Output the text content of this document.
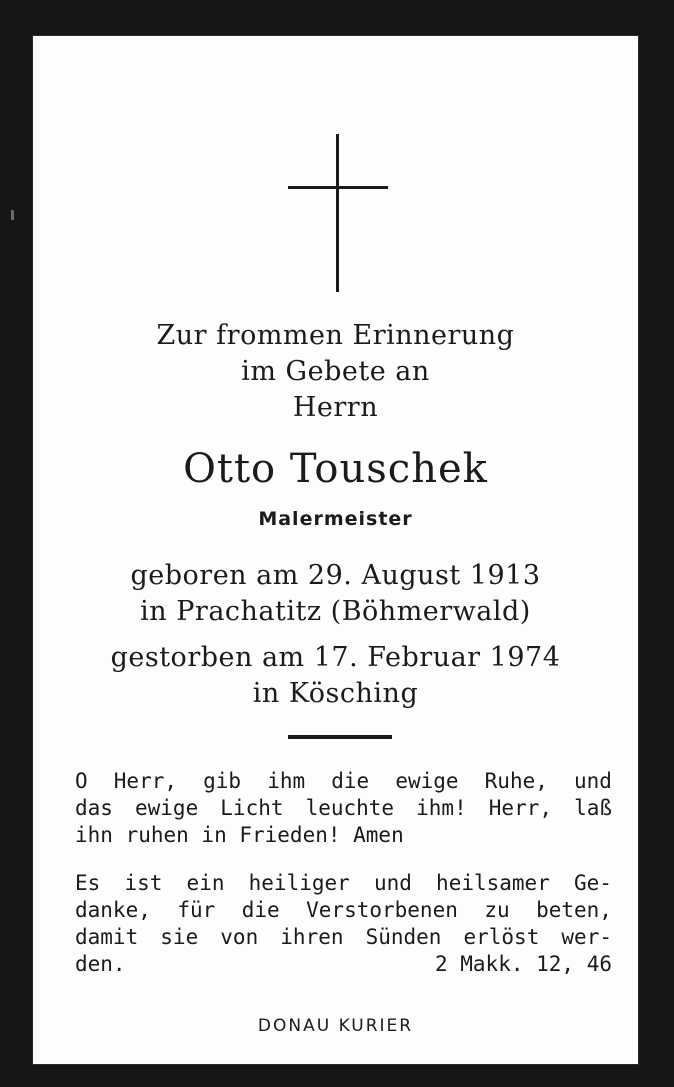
Zur frommen Erinnerung
im Gebete an
Herrn
Otto Touschek
Malermeister
geboren am 29. August 1913
in Prachatitz (Böhmerwald)
gestorben am 17. Februar 1974
in Kösching
O Herr, gib ihm die ewige Ruhe, und
das ewige Licht leuchte ihm! Herr, laß
ihn ruhen in Frieden! Amen
Es ist ein heiliger und heilsamer Ge-
danke, für die Verstorbenen zu beten,
damit sie von ihren Sünden erlöst wer-
den.	2 Makk. 12, 46
DONAU KURIER
